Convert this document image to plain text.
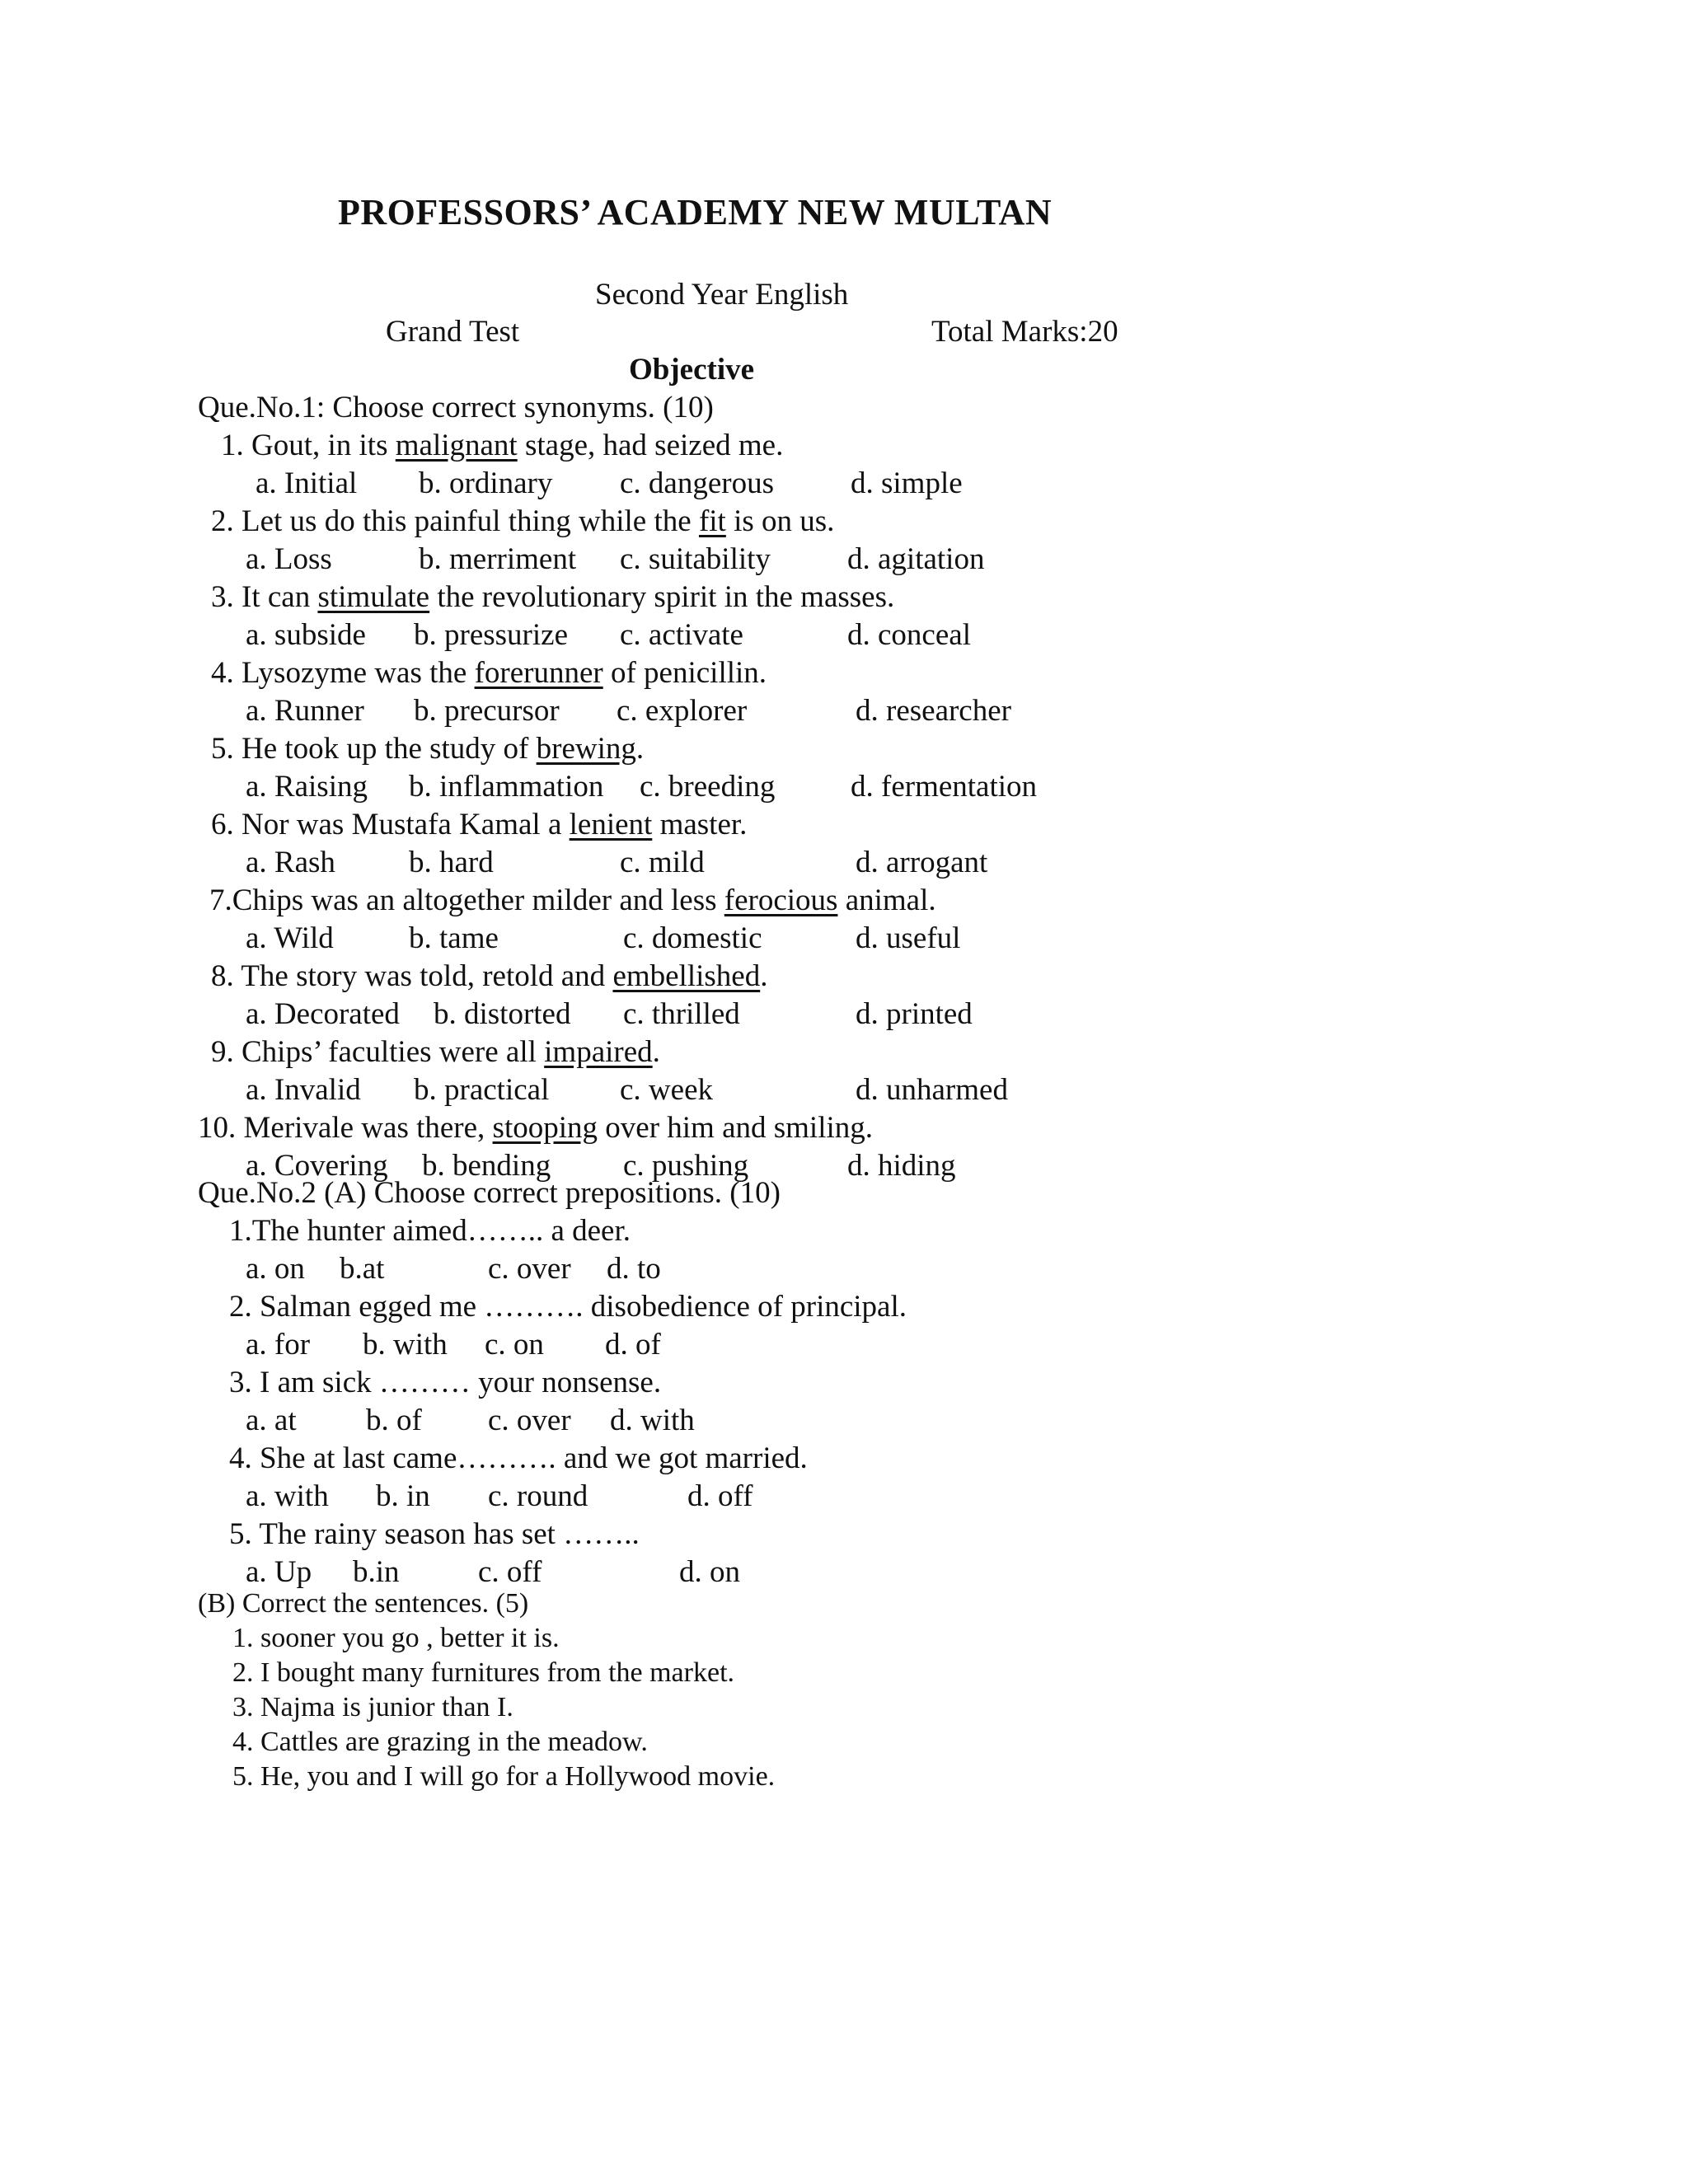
PROFESSORS’ ACADEMY NEW MULTAN
Second Year English
Grand Test	Total Marks:20
Objective
Que.No.1: Choose correct synonyms. (10)
1. Gout, in its malignant stage, had seized me.
a. Initial b. ordinary c. dangerous	d. simple
2. Let us do this painful thing while the fit is on us.
a. Loss	b. merriment c. suitability	d. agitation
3. It can stimulate the revolutionary spirit in the masses.
a. subside b. pressurize c. activate	d. conceal
4. Lysozyme was the forerunner of penicillin.
a. Runner b. precursor c. explorer	d. researcher
5. He took up the study of brewing.
a. Raising b. inflammation c. breeding d. fermentation
6. Nor was Mustafa Kamal a lenient master.
a. Rash b. hard	c. mild	d. arrogant
7.Chips was an altogether milder and less ferocious animal.
a. Wild b. tame	c. domestic	d. useful
8. The story was told, retold and embellished.
a. Decorated b. distorted c. thrilled	d. printed
9. Chips’ faculties were all impaired.
a. Invalid b. practical c. week	d. unharmed
10. Merivale was there, stooping over him and smiling.
a. Covering b. bending c. pushing	d. hiding
Que.No.2 (A) Choose correct prepositions. (10)
1.The hunter aimed…….. a deer.
a. on b.at	c. over d. to
2. Salman egged me ………. disobedience of principal.
a. for b. with c. on d. of
3. I am sick ……… your nonsense.
a. at b. of c. over d. with
4. She at last came………. and we got married.
a. with b. in c. round	d. off
5. The rainy season has set ……..
a. Up b.in	c. off	d. on
(B) Correct the sentences. (5)
1. sooner you go , better it is.
2. I bought many furnitures from the market.
3. Najma is junior than I.
4. Cattles are grazing in the meadow.
5. He, you and I will go for a Hollywood movie.
